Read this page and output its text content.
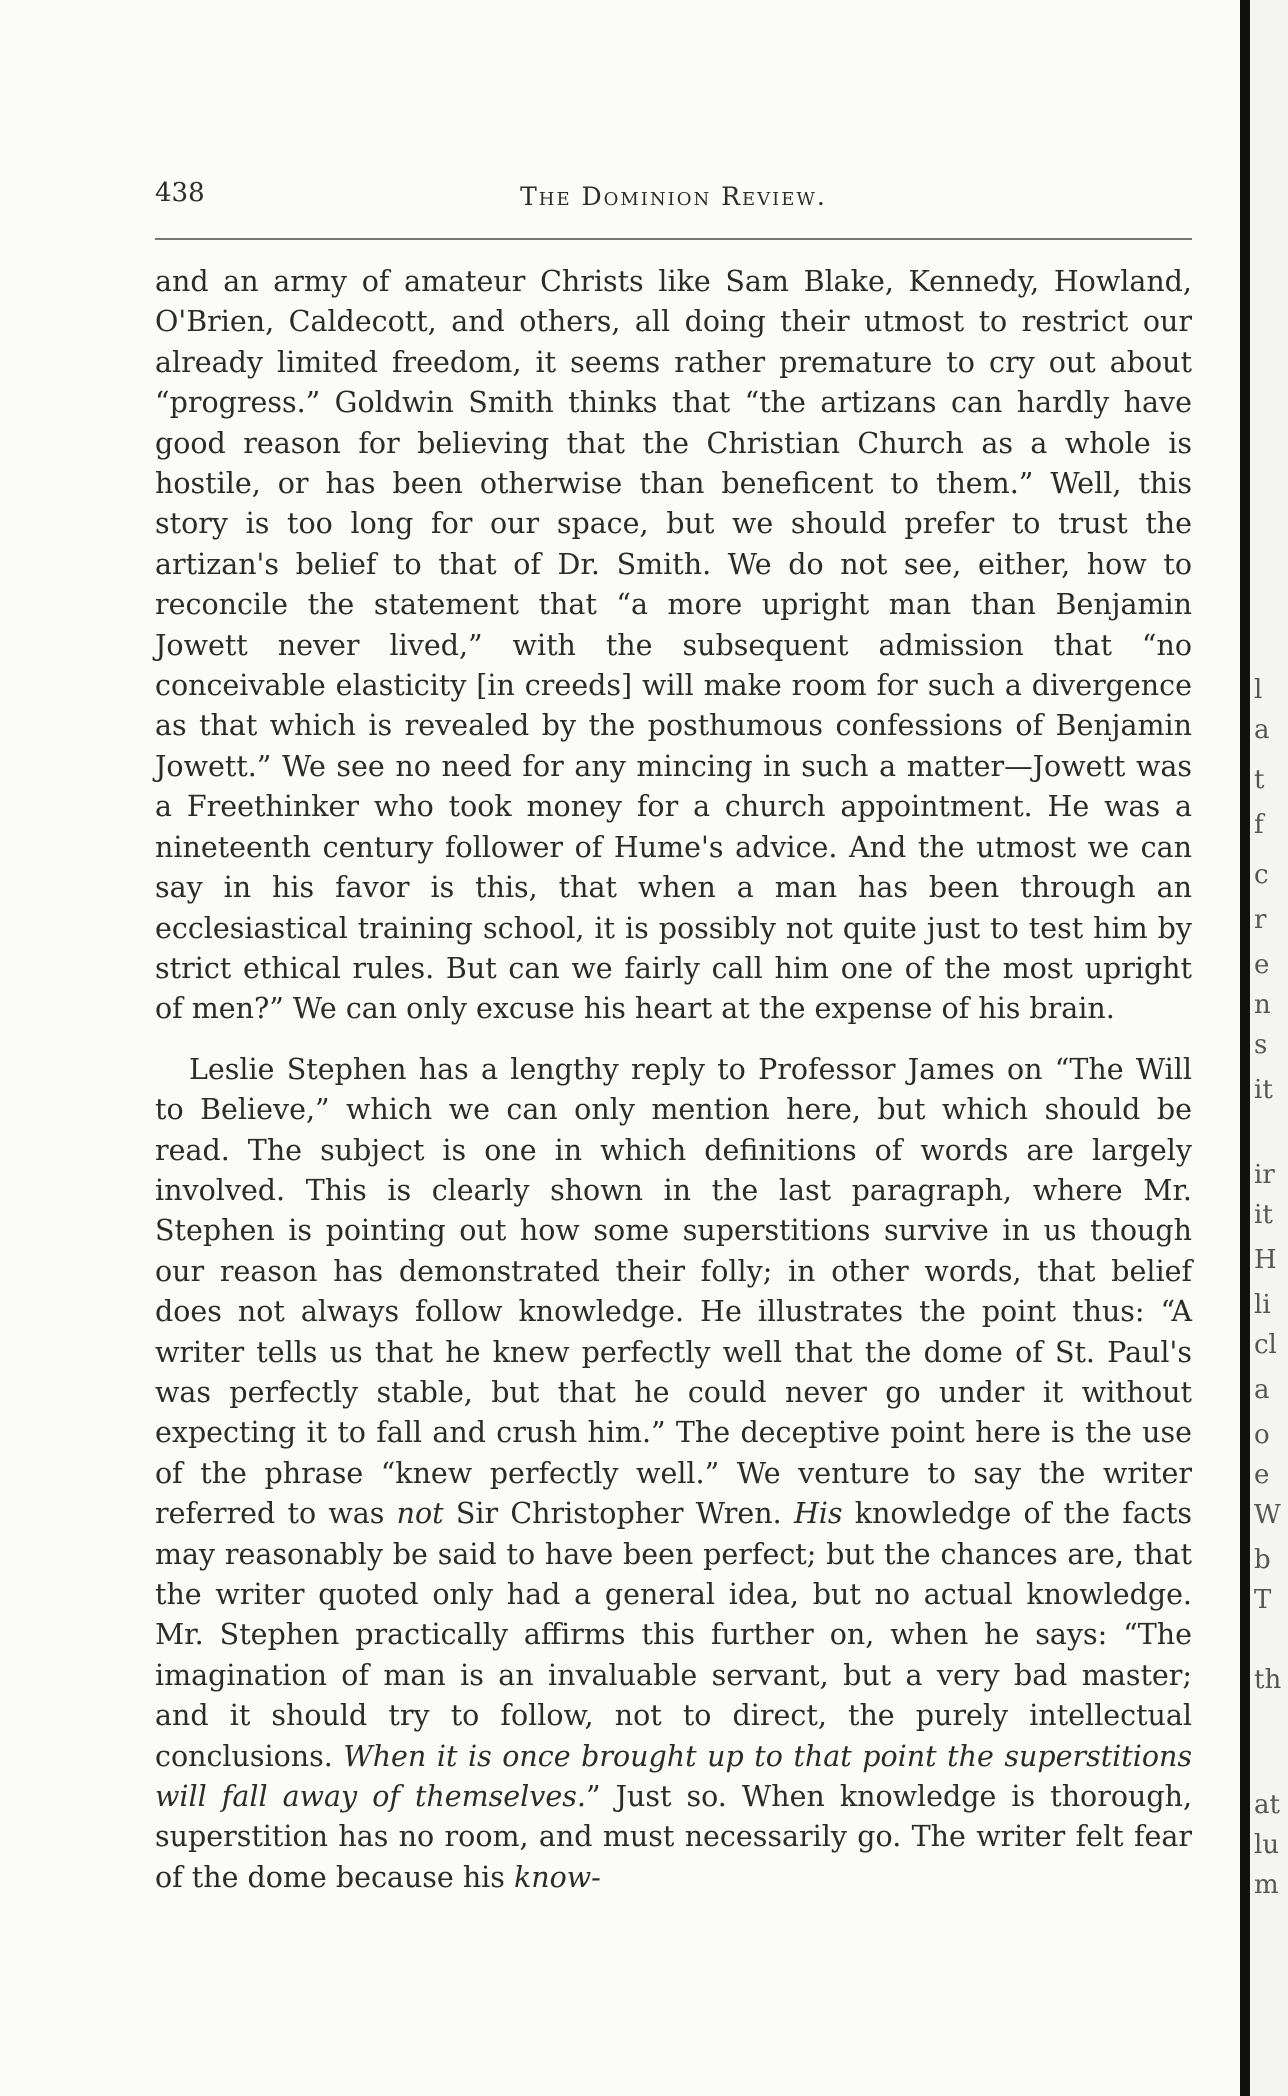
438	The Dominion Review.

and an army of amateur Christs like Sam Blake, Kennedy, Howland, O'Brien, Caldecott, and others, all doing their utmost to restrict our already limited freedom, it seems rather premature to cry out about “progress.” Goldwin Smith thinks that “the artizans can hardly have good reason for believing that the Christian Church as a whole is hostile, or has been otherwise than beneficent to them.” Well, this story is too long for our space, but we should prefer to trust the artizan's belief to that of Dr. Smith. We do not see, either, how to reconcile the statement that “a more upright man than Benjamin Jowett never lived,” with the subsequent admission that “no conceivable elasticity [in creeds] will make room for such a divergence as that which is revealed by the posthumous confessions of Benjamin Jowett.” We see no need for any mincing in such a matter—Jowett was a Freethinker who took money for a church appointment. He was a nineteenth century follower of Hume's advice. And the utmost we can say in his favor is this, that when a man has been through an ecclesiastical training school, it is possibly not quite just to test him by strict ethical rules. But can we fairly call him one of the most upright of men?” We can only excuse his heart at the expense of his brain.

Leslie Stephen has a lengthy reply to Professor James on “The Will to Believe,” which we can only mention here, but which should be read. The subject is one in which definitions of words are largely involved. This is clearly shown in the last paragraph, where Mr. Stephen is pointing out how some superstitions survive in us though our reason has demonstrated their folly; in other words, that belief does not always follow knowledge. He illustrates the point thus: “A writer tells us that he knew perfectly well that the dome of St. Paul's was perfectly stable, but that he could never go under it without expecting it to fall and crush him.” The deceptive point here is the use of the phrase “knew perfectly well.” We venture to say the writer referred to was not Sir Christopher Wren. His knowledge of the facts may reasonably be said to have been perfect; but the chances are, that the writer quoted only had a general idea, but no actual knowledge. Mr. Stephen practically affirms this further on, when he says: “The imagination of man is an invaluable servant, but a very bad master; and it should try to follow, not to direct, the purely intellectual conclusions. When it is once brought up to that point the superstitions will fall away of themselves.” Just so. When knowledge is thorough, superstition has no room, and must necessarily go. The writer felt fear of the dome because his know-

l
a
t
f
c
r
e
n
s
it
ir
it
H
li
cl
a
o
e
W
b
T
th
at
lu
m
